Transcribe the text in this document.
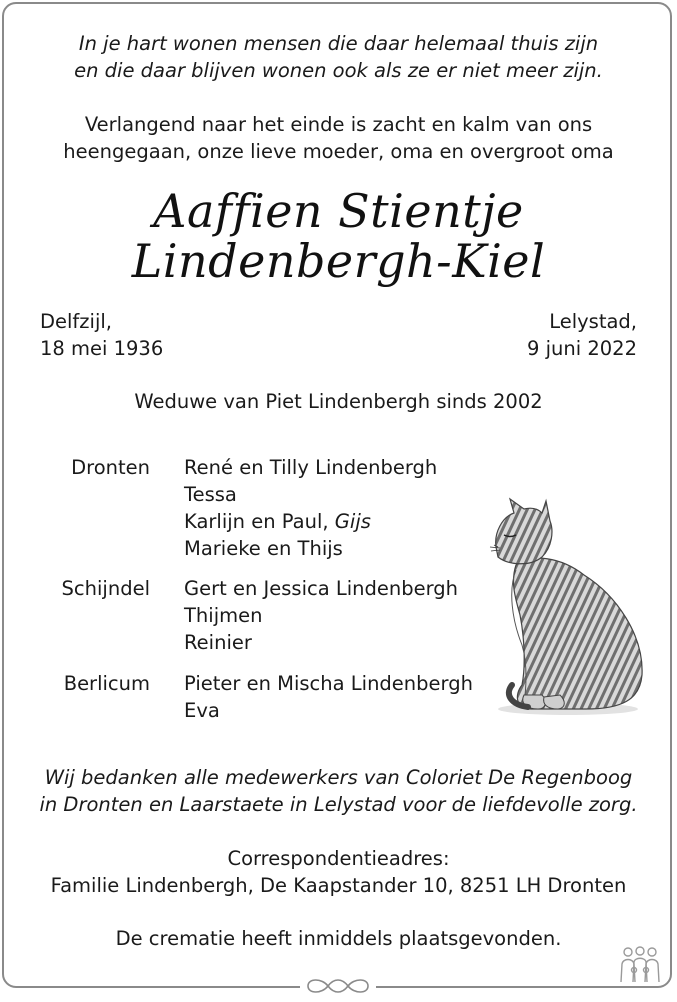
In je hart wonen mensen die daar helemaal thuis zijn
en die daar blijven wonen ook als ze er niet meer zijn.
Verlangend naar het einde is zacht en kalm van ons
heengegaan, onze lieve moeder, oma en overgroot oma
Aaffien Stientje
Lindenbergh-Kiel
Delfzijl,
18 mei 1936
Lelystad,
9 juni 2022
Weduwe van Piet Lindenbergh sinds 2002
Dronten René en Tilly Lindenbergh
Tessa
Karlijn en Paul, Gijs
Marieke en Thijs
Schijndel Gert en Jessica Lindenbergh
Thijmen
Reinier
Berlicum Pieter en Mischa Lindenbergh
Eva
Wij bedanken alle medewerkers van Coloriet De Regenboog
in Dronten en Laarstaete in Lelystad voor de liefdevolle zorg.
Correspondentieadres:
Familie Lindenbergh, De Kaapstander 10, 8251 LH Dronten
De crematie heeft inmiddels plaatsgevonden.
